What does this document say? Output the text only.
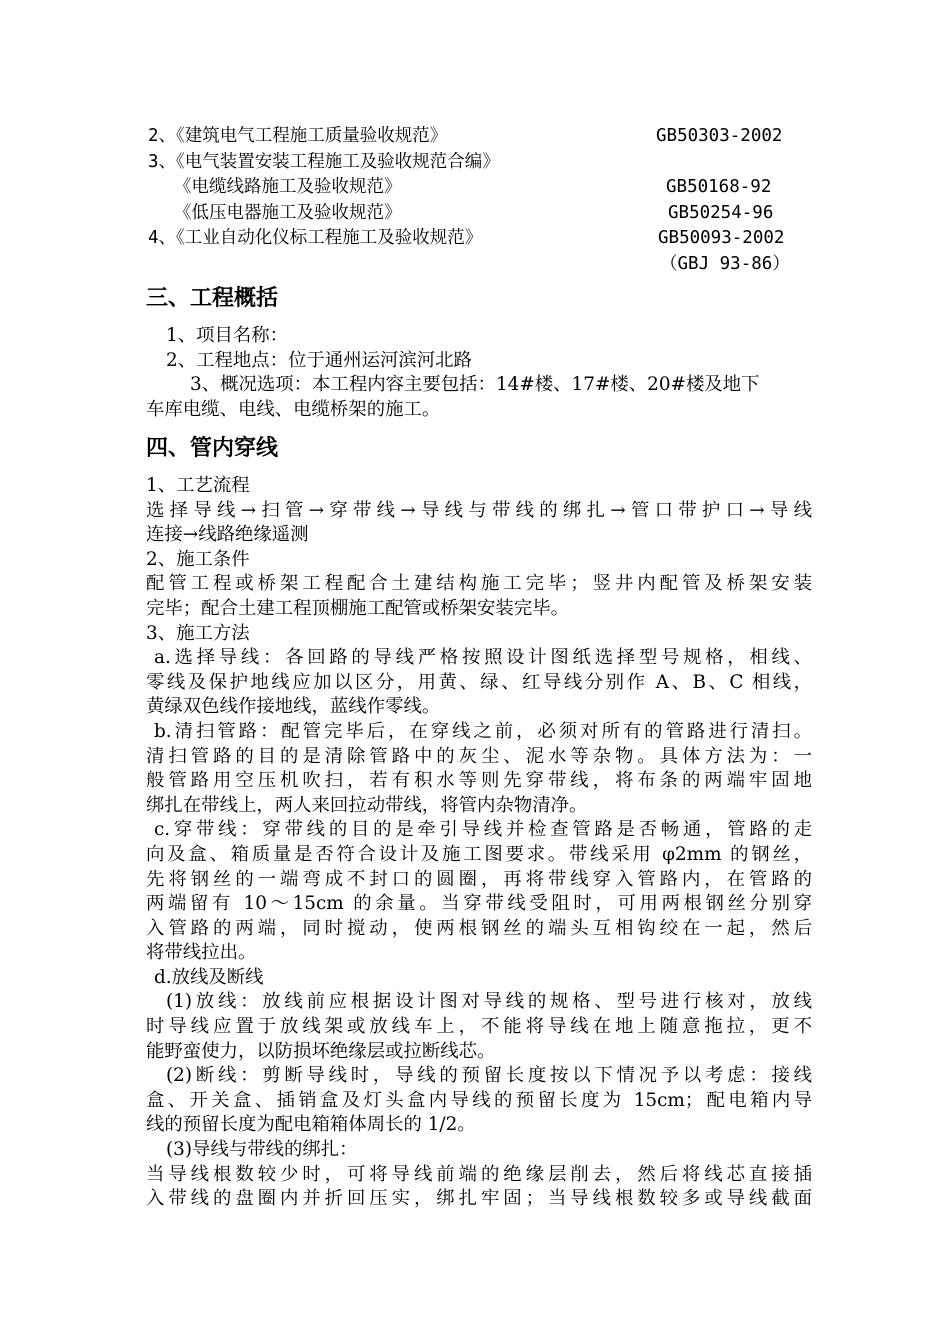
2、《建筑电气工程施工质量验收规范》	GB50303-2002
3、《电气装置安装工程施工及验收规范合编》
《电缆线路施工及验收规范》	GB50168-92
《低压电器施工及验收规范》	GB50254-96
4、《工业自动化仪标工程施工及验收规范》	GB50093-2002
（GBJ 93-86）
三、工程概括
1、项目名称：
2、工程地点：位于通州运河滨河北路
3、概况选项：本工程内容主要包括：14#楼、17#楼、20#楼及地下
车库电缆、电线、电缆桥架的施工。
四、管内穿线
1、工艺流程
选择导线→扫管→穿带线→导线与带线的绑扎→管口带护口→导线
连接→线路绝缘遥测
2、施工条件
配管工程或桥架工程配合土建结构施工完毕；竖井内配管及桥架安装
完毕；配合土建工程顶棚施工配管或桥架安装完毕。
3、施工方法
a.选择导线：各回路的导线严格按照设计图纸选择型号规格，相线、
零线及保护地线应加以区分，用黄、绿、红导线分别作 A、B、C 相线，
黄绿双色线作接地线，蓝线作零线。
b.清扫管路：配管完毕后，在穿线之前，必须对所有的管路进行清扫。
清扫管路的目的是清除管路中的灰尘、泥水等杂物。具体方法为：一
般管路用空压机吹扫，若有积水等则先穿带线，将布条的两端牢固地
绑扎在带线上，两人来回拉动带线，将管内杂物清净。
c.穿带线：穿带线的目的是牵引导线并检查管路是否畅通，管路的走
向及盒、箱质量是否符合设计及施工图要求。带线采用 φ2mm 的钢丝，
先将钢丝的一端弯成不封口的圆圈，再将带线穿入管路内，在管路的
两端留有 10～15cm 的余量。当穿带线受阻时，可用两根钢丝分别穿
入管路的两端，同时搅动，使两根钢丝的端头互相钩绞在一起，然后
将带线拉出。
d.放线及断线
(1)放线：放线前应根据设计图对导线的规格、型号进行核对，放线
时导线应置于放线架或放线车上，不能将导线在地上随意拖拉，更不
能野蛮使力，以防损坏绝缘层或拉断线芯。
(2)断线：剪断导线时，导线的预留长度按以下情况予以考虑：接线
盒、开关盒、插销盒及灯头盒内导线的预留长度为 15cm；配电箱内导
线的预留长度为配电箱箱体周长的 1/2。
(3)导线与带线的绑扎：
当导线根数较少时，可将导线前端的绝缘层削去，然后将线芯直接插
入带线的盘圈内并折回压实，绑扎牢固；当导线根数较多或导线截面
